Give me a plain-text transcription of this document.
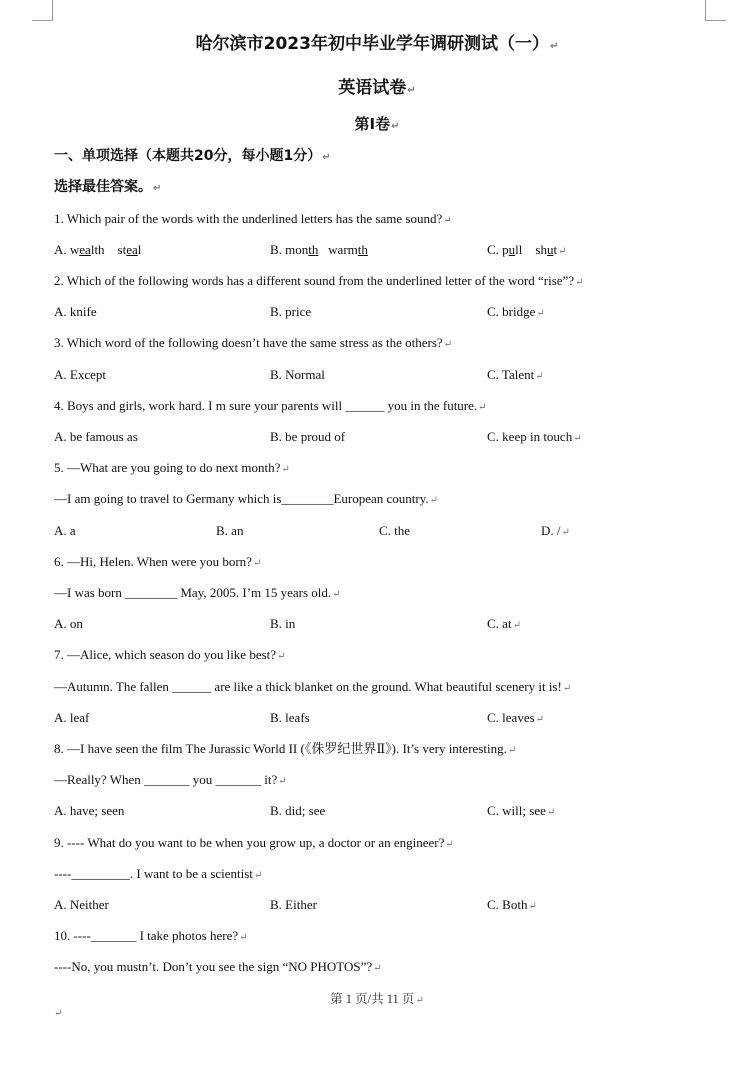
哈尔滨市2023年初中毕业学年调研测试（一）↵
英语试卷↵
第Ⅰ卷↵
一、单项选择（本题共20分，每小题1分）↵
选择最佳答案。↵
1. Which pair of the words with the underlined letters has the same sound?↵
A. wealth    steal	B. month   warmth	C. pull    shut↵
2. Which of the following words has a different sound from the underlined letter of the word “rise”?↵
A. knife	B. price	C. bridge↵
3. Which word of the following doesn’t have the same stress as the others?↵
A. Except	B. Normal	C. Talent↵
4. Boys and girls, work hard. I m sure your parents will ______ you in the future.↵
A. be famous as	B. be proud of	C. keep in touch↵
5. —What are you going to do next month?↵
—I am going to travel to Germany which is________European country.↵
A. a	B. an	C. the	D. /↵
6. —Hi, Helen. When were you born?↵
—I was born ________ May, 2005. I’m 15 years old.↵
A. on	B. in	C. at↵
7. —Alice, which season do you like best?↵
—Autumn. The fallen ______ are like a thick blanket on the ground. What beautiful scenery it is!↵
A. leaf	B. leafs	C. leaves↵
8. —I have seen the film The Jurassic World II (《侏罗纪世界Ⅱ》). It’s very interesting.↵
—Really? When _______ you _______ it?↵
A. have; seen	B. did; see	C. will; see↵
9. ---- What do you want to be when you grow up, a doctor or an engineer?↵
----_________. I want to be a scientist↵
A. Neither	B. Either	C. Both↵
10. ----_______ I take photos here?↵
----No, you mustn’t. Don’t you see the sign “NO PHOTOS”?↵
第 1 页/共 11 页↵
↵
